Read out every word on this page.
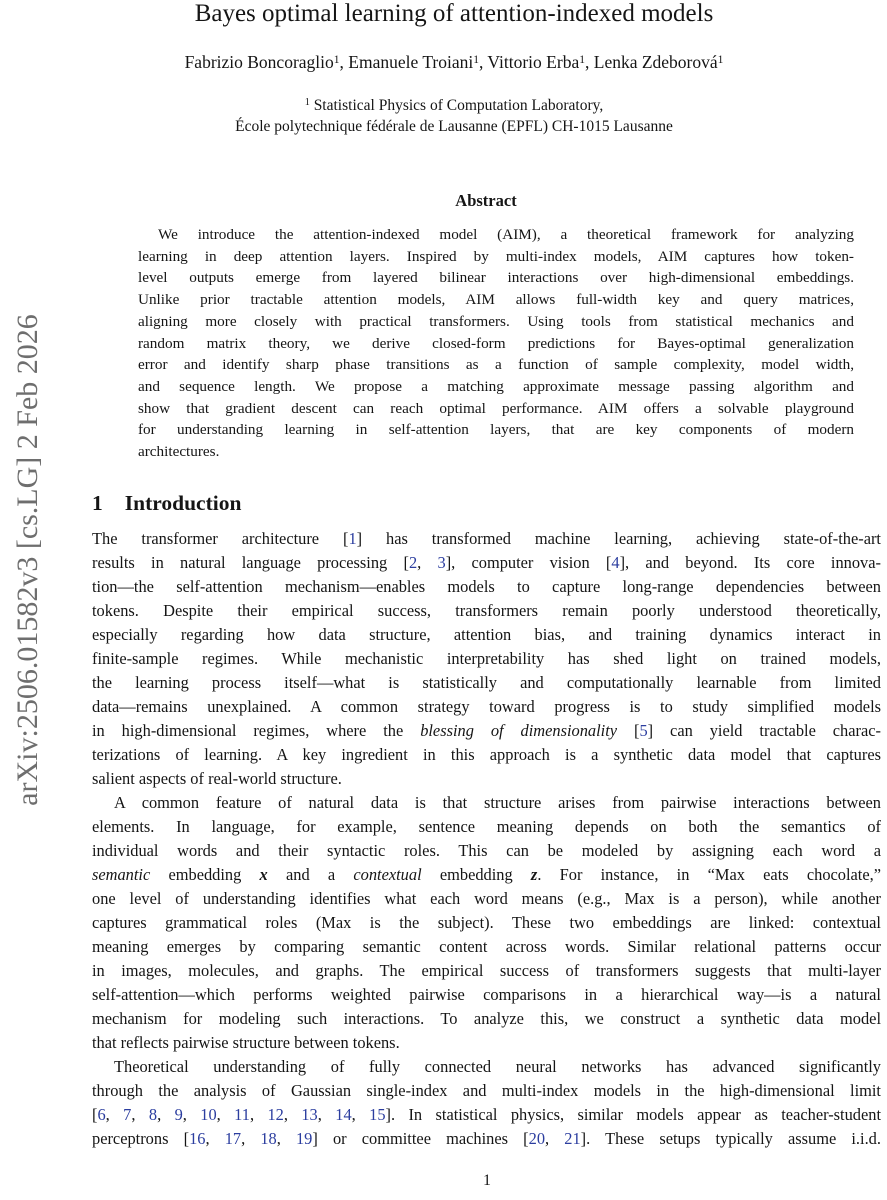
arXiv:2506.01582v3 [cs.LG] 2 Feb 2026
Bayes optimal learning of attention-indexed models
Fabrizio Boncoraglio$^1$, Emanuele Troiani$^1$, Vittorio Erba$^1$, Lenka Zdeborová$^1$
$^1$ Statistical Physics of Computation Laboratory,
École polytechnique fédérale de Lausanne (EPFL) CH-1015 Lausanne
Abstract
We introduce the attention-indexed model (AIM), a theoretical framework for analyzing
learning in deep attention layers. Inspired by multi-index models, AIM captures how token-
level outputs emerge from layered bilinear interactions over high-dimensional embeddings.
Unlike prior tractable attention models, AIM allows full-width key and query matrices,
aligning more closely with practical transformers. Using tools from statistical mechanics and
random matrix theory, we derive closed-form predictions for Bayes-optimal generalization
error and identify sharp phase transitions as a function of sample complexity, model width,
and sequence length. We propose a matching approximate message passing algorithm and
show that gradient descent can reach optimal performance. AIM offers a solvable playground
for understanding learning in self-attention layers, that are key components of modern
architectures.
1 Introduction
The transformer architecture [1] has transformed machine learning, achieving state-of-the-art
results in natural language processing [2, 3], computer vision [4], and beyond. Its core innova-
tion—the self-attention mechanism—enables models to capture long-range dependencies between
tokens. Despite their empirical success, transformers remain poorly understood theoretically,
especially regarding how data structure, attention bias, and training dynamics interact in
finite-sample regimes. While mechanistic interpretability has shed light on trained models,
the learning process itself—what is statistically and computationally learnable from limited
data—remains unexplained. A common strategy toward progress is to study simplified models
in high-dimensional regimes, where the blessing of dimensionality [5] can yield tractable charac-
terizations of learning. A key ingredient in this approach is a synthetic data model that captures
salient aspects of real-world structure.
A common feature of natural data is that structure arises from pairwise interactions between
elements. In language, for example, sentence meaning depends on both the semantics of
individual words and their syntactic roles. This can be modeled by assigning each word a
semantic embedding x and a contextual embedding z. For instance, in “Max eats chocolate,”
one level of understanding identifies what each word means (e.g., Max is a person), while another
captures grammatical roles (Max is the subject). These two embeddings are linked: contextual
meaning emerges by comparing semantic content across words. Similar relational patterns occur
in images, molecules, and graphs. The empirical success of transformers suggests that multi-layer
self-attention—which performs weighted pairwise comparisons in a hierarchical way—is a natural
mechanism for modeling such interactions. To analyze this, we construct a synthetic data model
that reflects pairwise structure between tokens.
Theoretical understanding of fully connected neural networks has advanced significantly
through the analysis of Gaussian single-index and multi-index models in the high-dimensional limit
[6, 7, 8, 9, 10, 11, 12, 13, 14, 15]. In statistical physics, similar models appear as teacher-student
perceptrons [16, 17, 18, 19] or committee machines [20, 21]. These setups typically assume i.i.d.
1
